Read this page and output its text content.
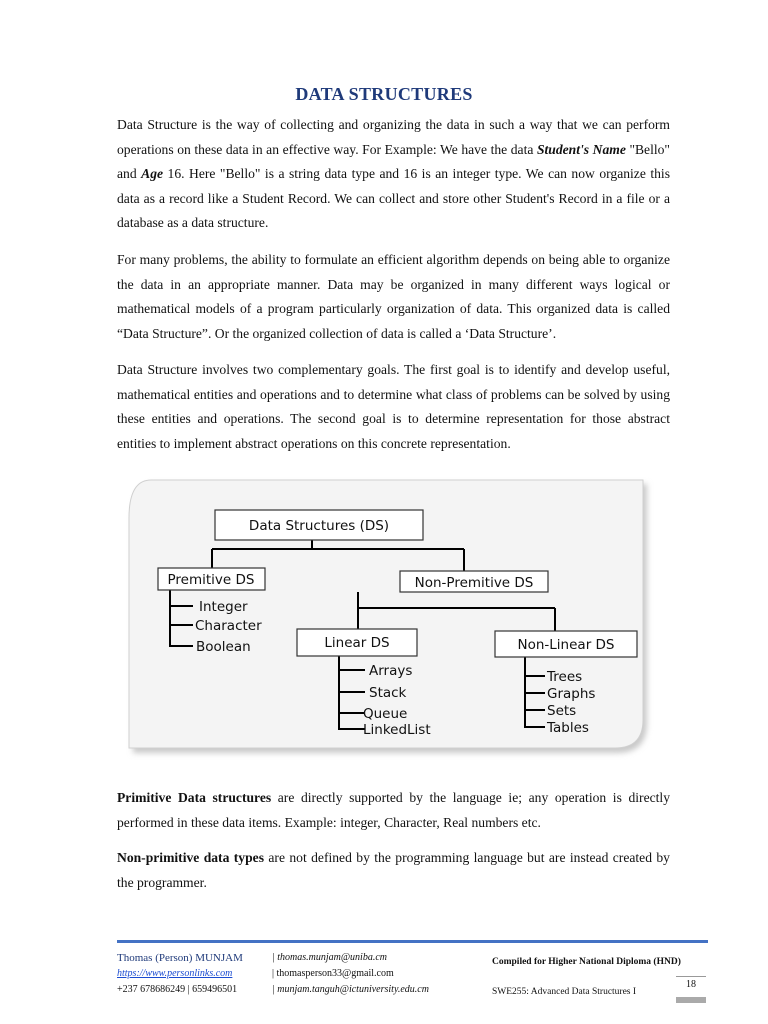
DATA STRUCTURES

Data Structure is the way of collecting and organizing the data in such a way that we can perform operations on these data in an effective way. For Example: We have the data Student's Name "Bello" and Age 16. Here "Bello" is a string data type and 16 is an integer type. We can now organize this data as a record like a Student Record. We can collect and store other Student's Record in a file or a database as a data structure.

For many problems, the ability to formulate an efficient algorithm depends on being able to organize the data in an appropriate manner. Data may be organized in many different ways logical or mathematical models of a program particularly organization of data. This organized data is called “Data Structure”. Or the organized collection of data is called a ‘Data Structure’.

Data Structure involves two complementary goals. The first goal is to identify and develop useful, mathematical entities and operations and to determine what class of problems can be solved by using these entities and operations. The second goal is to determine representation for those abstract entities to implement abstract operations on this concrete representation.

Data Structures (DS)
Premitive DS	Non-Premitive DS
Linear DS	Non-Linear DS
Integer
Character
Boolean
Arrays
Stack
Queue
LinkedList
Trees
Graphs
Sets
Tables

Primitive Data structures are directly supported by the language ie; any operation is directly performed in these data items. Example: integer, Character, Real numbers etc.

Non-primitive data types are not defined by the programming language but are instead created by the programmer.

Thomas (Person) MUNJAM
https://www.personlinks.com
+237 678686249 | 659496501
| thomas.munjam@uniba.cm
| thomasperson33@gmail.com
| munjam.tanguh@ictuniversity.edu.cm
Compiled for Higher National Diploma (HND)
SWE255: Advanced Data Structures I
18
